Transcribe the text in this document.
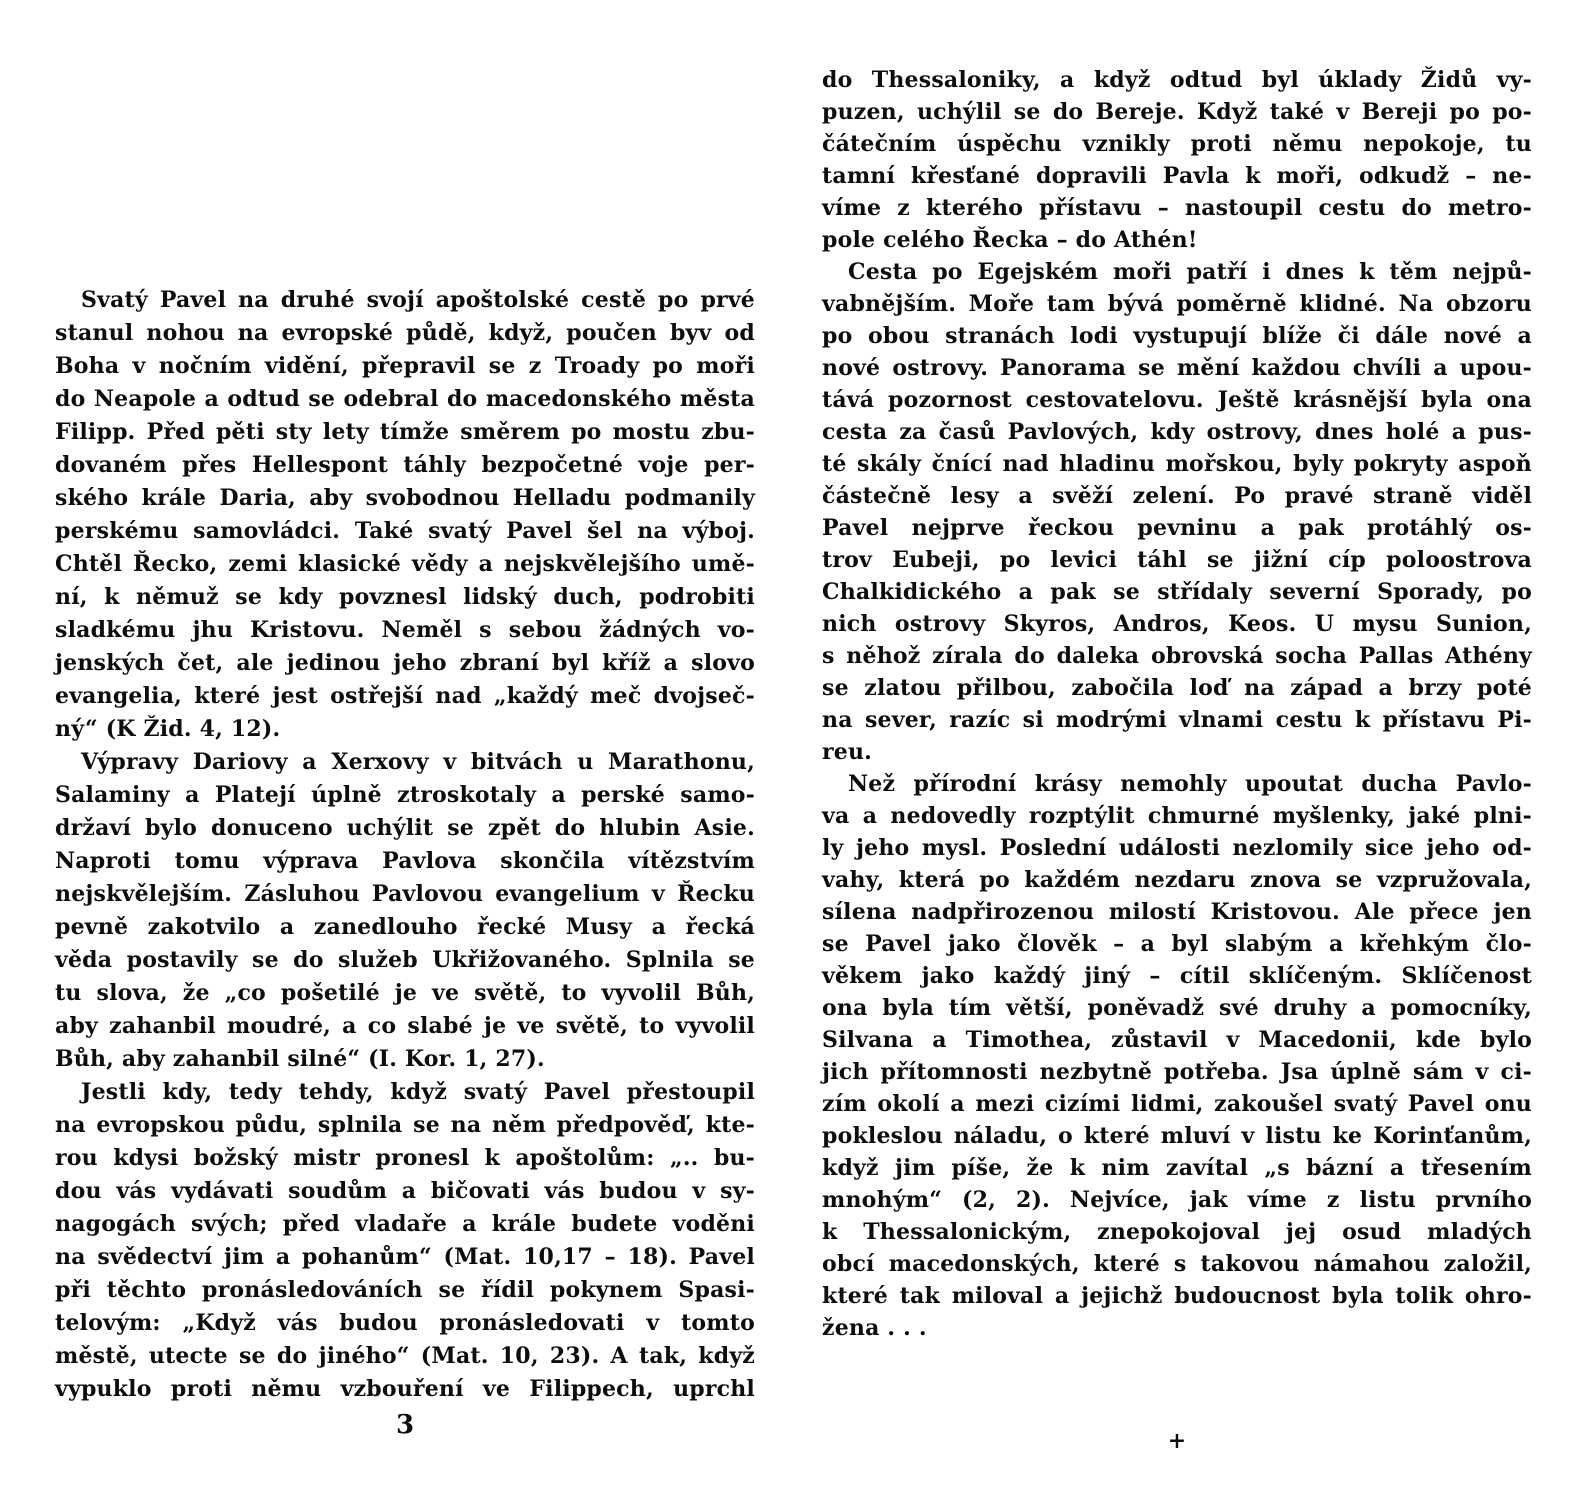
Svatý Pavel na druhé svojí apoštolské cestě po prvé
stanul nohou na evropské půdě, když, poučen byv od
Boha v nočním vidění, přepravil se z Troady po moři
do Neapole a odtud se odebral do macedonského města
Filipp. Před pěti sty lety tímže směrem po mostu zbu-
dovaném přes Hellespont táhly bezpočetné voje per-
ského krále Daria, aby svobodnou Helladu podmanily
perskému samovládci. Také svatý Pavel šel na výboj.
Chtěl Řecko, zemi klasické vědy a nejskvělejšího umě-
ní, k němuž se kdy povznesl lidský duch, podrobiti
sladkému jhu Kristovu. Neměl s sebou žádných vo-
jenských čet, ale jedinou jeho zbraní byl kříž a slovo
evangelia, které jest ostřejší nad „každý meč dvojseč-
ný“ (K Žid. 4, 12).
Výpravy Dariovy a Xerxovy v bitvách u Marathonu,
Salaminy a Platejí úplně ztroskotaly a perské samo-
državí bylo donuceno uchýlit se zpět do hlubin Asie.
Naproti tomu výprava Pavlova skončila vítězstvím
nejskvělejším. Zásluhou Pavlovou evangelium v Řecku
pevně zakotvilo a zanedlouho řecké Musy a řecká
věda postavily se do služeb Ukřižovaného. Splnila se
tu slova, že „co pošetilé je ve světě, to vyvolil Bůh,
aby zahanbil moudré, a co slabé je ve světě, to vyvolil
Bůh, aby zahanbil silné“ (I. Kor. 1, 27).
Jestli kdy, tedy tehdy, když svatý Pavel přestoupil
na evropskou půdu, splnila se na něm předpověď, kte-
rou kdysi božský mistr pronesl k apoštolům: „.. bu-
dou vás vydávati soudům a bičovati vás budou v sy-
nagogách svých; před vladaře a krále budete voděni
na svědectví jim a pohanům“ (Mat. 10,17 – 18). Pavel
při těchto pronásledováních se řídil pokynem Spasi-
telovým: „Když vás budou pronásledovati v tomto
městě, utecte se do jiného“ (Mat. 10, 23). A tak, když
vypuklo proti němu vzbouření ve Filippech, uprchl
3
do Thessaloniky, a když odtud byl úklady Židů vy-
puzen, uchýlil se do Bereje. Když také v Bereji po po-
čátečním úspěchu vznikly proti němu nepokoje, tu
tamní křesťané dopravili Pavla k moři, odkudž – ne-
víme z kterého přístavu – nastoupil cestu do metro-
pole celého Řecka – do Athén!
Cesta po Egejském moři patří i dnes k těm nejpů-
vabnějším. Moře tam bývá poměrně klidné. Na obzoru
po obou stranách lodi vystupují blíže či dále nové a
nové ostrovy. Panorama se mění každou chvíli a upou-
tává pozornost cestovatelovu. Ještě krásnější byla ona
cesta za časů Pavlových, kdy ostrovy, dnes holé a pus-
té skály čnící nad hladinu mořskou, byly pokryty aspoň
částečně lesy a svěží zelení. Po pravé straně viděl
Pavel nejprve řeckou pevninu a pak protáhlý os-
trov Eubeji, po levici táhl se jižní cíp poloostrova
Chalkidického a pak se střídaly severní Sporady, po
nich ostrovy Skyros, Andros, Keos. U mysu Sunion,
s něhož zírala do daleka obrovská socha Pallas Athény
se zlatou přilbou, zabočila loď na západ a brzy poté
na sever, razíc si modrými vlnami cestu k přístavu Pi-
reu.
Než přírodní krásy nemohly upoutat ducha Pavlo-
va a nedovedly rozptýlit chmurné myšlenky, jaké plni-
ly jeho mysl. Poslední události nezlomily sice jeho od-
vahy, která po každém nezdaru znova se vzpružovala,
sílena nadpřirozenou milostí Kristovou. Ale přece jen
se Pavel jako člověk – a byl slabým a křehkým člo-
věkem jako každý jiný – cítil sklíčeným. Sklíčenost
ona byla tím větší, poněvadž své druhy a pomocníky,
Silvana a Timothea, zůstavil v Macedonii, kde bylo
jich přítomnosti nezbytně potřeba. Jsa úplně sám v ci-
zím okolí a mezi cizími lidmi, zakoušel svatý Pavel onu
pokleslou náladu, o které mluví v listu ke Korinťanům,
když jim píše, že k nim zavítal „s bázní a třesením
mnohým“ (2, 2). Nejvíce, jak víme z listu prvního
k Thessalonickým, znepokojoval jej osud mladých
obcí macedonských, které s takovou námahou založil,
které tak miloval a jejichž budoucnost byla tolik ohro-
žena . . .
+
